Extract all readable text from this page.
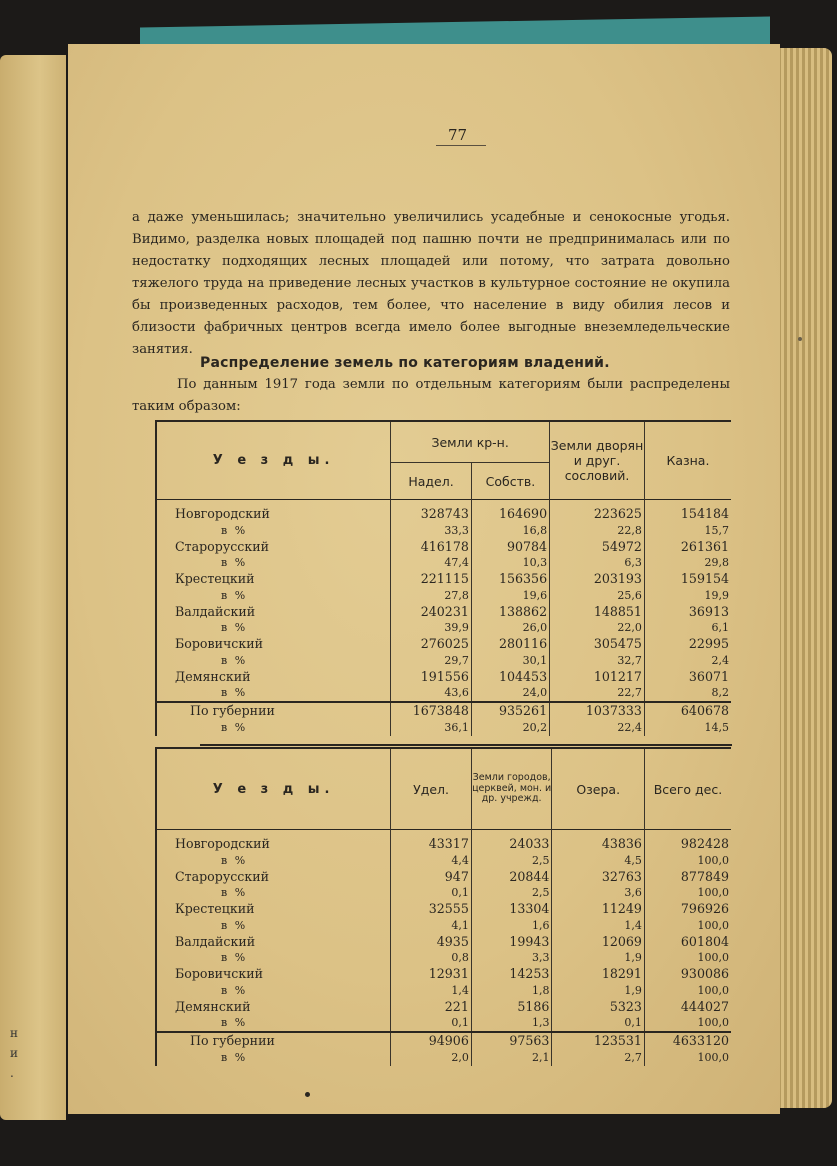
н
и
.
77

а даже уменьшилась; значительно увеличились усадебные и сенокосные угодья. Видимо, разделка новых площадей под пашню почти не предпринималась или по недостатку подходящих лесных площадей или потому, что затрата довольно тяжелого труда на приведение лесных участков в культурное состояние не окупила бы произведенных расходов, тем более, что население в виду обилия лесов и близости фабричных центров всегда имело более выгодные внеземледельческие занятия.

Распределение земель по категориям владений.

По данным 1917 года земли по отдельным категориям были распределены таким образом:

У е з д ы.	Земли кр-н.		Земли дворян и друг. сословий.	Казна.
	Надел.	Собств.		
Новгородский	328743	164690	223625	154184
в %	33,3	16,8	22,8	15,7
Старорусский	416178	90784	54972	261361
в %	47,4	10,3	6,3	29,8
Крестецкий	221115	156356	203193	159154
в %	27,8	19,6	25,6	19,9
Валдайский	240231	138862	148851	36913
в %	39,9	26,0	22,0	6,1
Боровичский	276025	280116	305475	22995
в %	29,7	30,1	32,7	2,4
Демянский	191556	104453	101217	36071
в %	43,6	24,0	22,7	8,2
По губернии	1673848	935261	1037333	640678
в %	36,1	20,2	22,4	14,5
У е з д ы.	Удел.	Земли городов, церквей, мон. и др. учрежд.	Озера.	Всего дес.
Новгородский	43317	24033	43836	982428
в %	4,4	2,5	4,5	100,0
Старорусский	947	20844	32763	877849
в %	0,1	2,5	3,6	100,0
Крестецкий	32555	13304	11249	796926
в %	4,1	1,6	1,4	100,0
Валдайский	4935	19943	12069	601804
в %	0,8	3,3	1,9	100,0
Боровичский	12931	14253	18291	930086
в %	1,4	1,8	1,9	100,0
Демянский	221	5186	5323	444027
в %	0,1	1,3	0,1	100,0
По губернии	94906	97563	123531	4633120
в %	2,0	2,1	2,7	100,0
